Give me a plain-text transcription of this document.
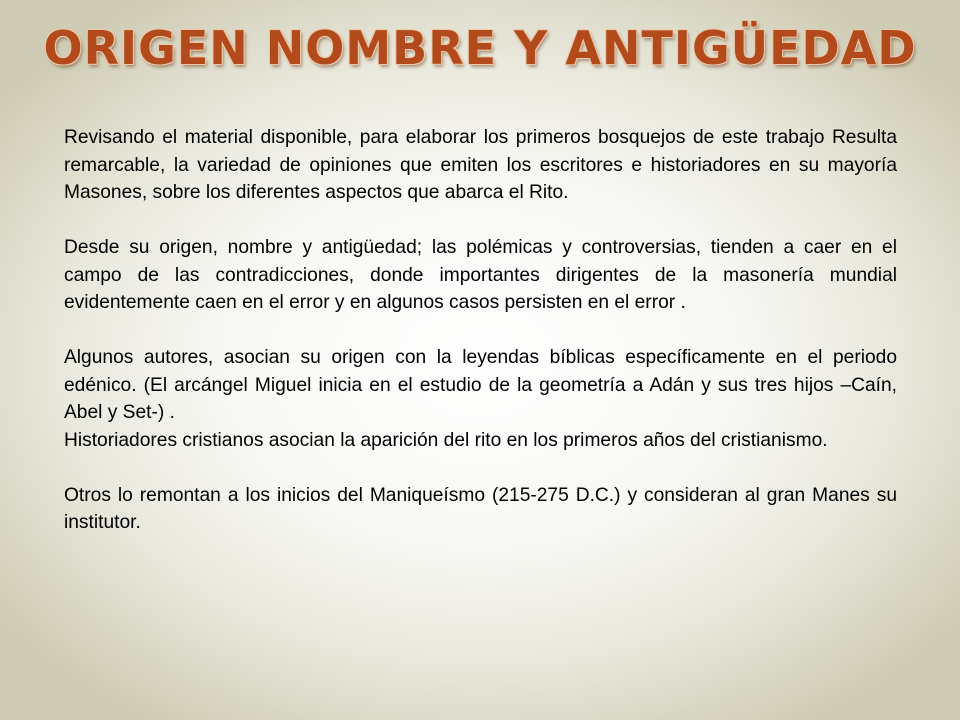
ORIGEN NOMBRE Y ANTIGÜEDAD

Revisando el material disponible, para elaborar los primeros bosquejos de este trabajo Resulta remarcable, la variedad de opiniones que emiten los escritores e historiadores en su mayoría Masones, sobre los diferentes aspectos que abarca el Rito.

Desde su origen, nombre y antigüedad; las polémicas y controversias, tienden a caer en el campo de las contradicciones, donde importantes dirigentes de la masonería mundial evidentemente caen en el error y en algunos casos persisten en el error .

Algunos autores, asocian su origen con la leyendas bíblicas específicamente en el periodo edénico. (El arcángel Miguel inicia en el estudio de la geometría a Adán y sus tres hijos –Caín, Abel y Set-) .

Historiadores cristianos asocian la aparición del rito en los primeros años del cristianismo.

Otros lo remontan a los inicios del Maniqueísmo (215-275 D.C.) y consideran al gran Manes su institutor.
